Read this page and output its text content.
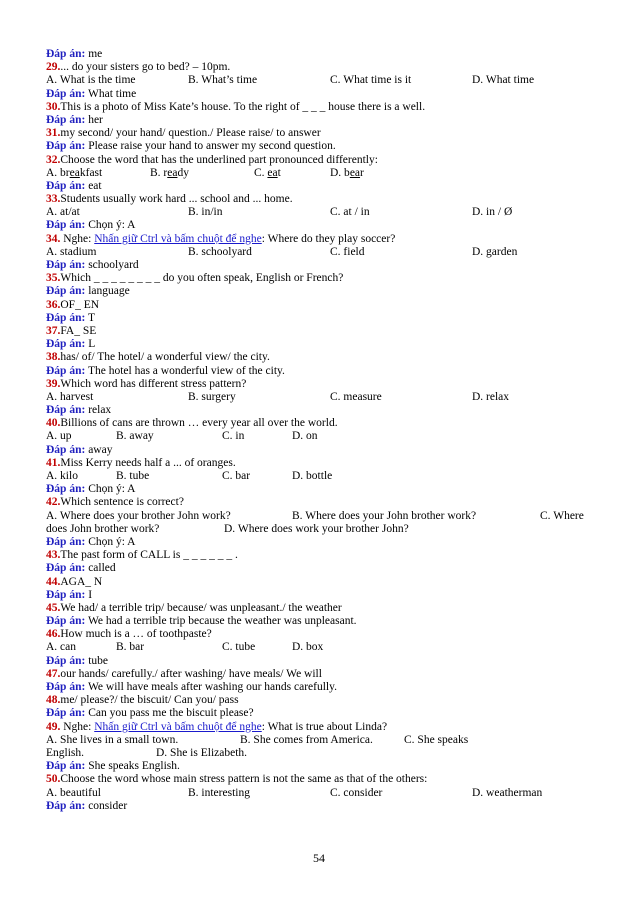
Đáp án: me
29.... do your sisters go to bed? – 10pm.
A. What is the time	B. What’s time	C. What time is it	D. What time
Đáp án: What time
30.This is a photo of Miss Kate’s house. To the right of _ _ _ house there is a well.
Đáp án: her
31.my second/ your hand/ question./ Please raise/ to answer
Đáp án: Please raise your hand to answer my second question.
32.Choose the word that has the underlined part pronounced differently:
A. breakfast	B. ready	C. eat	D. bear
Đáp án: eat
33.Students usually work hard ... school and ... home.
A. at/at	B. in/in	C. at / in	D. in / Ø
Đáp án: Chọn ý: A
34. Nghe: Nhấn giữ Ctrl và bấm chuột để nghe: Where do they play soccer?
A. stadium	B. schoolyard	C. field	D. garden
Đáp án: schoolyard
35.Which _ _ _ _ _ _ _ _ do you often speak, English or French?
Đáp án: language
36.OF_ EN
Đáp án: T
37.FA_ SE
Đáp án: L
38.has/ of/ The hotel/ a wonderful view/ the city.
Đáp án: The hotel has a wonderful view of the city.
39.Which word has different stress pattern?
A. harvest	B. surgery	C. measure	D. relax
Đáp án: relax
40.Billions of cans are thrown … every year all over the world.
A. up	B. away	C. in	D. on
Đáp án: away
41.Miss Kerry needs half a ... of oranges.
A. kilo	B. tube	C. bar	D. bottle
Đáp án: Chọn ý: A
42.Which sentence is correct?
A. Where does your brother John work?	B. Where does your John brother work?	C. Where
does John brother work?	D. Where does work your brother John?
Đáp án: Chọn ý: A
43.The past form of CALL is _ _ _ _ _ _ .
Đáp án: called
44.AGA_ N
Đáp án: I
45.We had/ a terrible trip/ because/ was unpleasant./ the weather
Đáp án: We had a terrible trip because the weather was unpleasant.
46.How much is a … of toothpaste?
A. can	B. bar	C. tube	D. box
Đáp án: tube
47.our hands/ carefully./ after washing/ have meals/ We will
Đáp án: We will have meals after washing our hands carefully.
48.me/ please?/ the biscuit/ Can you/ pass
Đáp án: Can you pass me the biscuit please?
49. Nghe: Nhấn giữ Ctrl và bấm chuột để nghe: What is true about Linda?
A. She lives in a small town.	B. She comes from America.	C. She speaks
English.	D. She is Elizabeth.
Đáp án: She speaks English.
50.Choose the word whose main stress pattern is not the same as that of the others:
A. beautiful	B. interesting	C. consider	D. weatherman
Đáp án: consider
54
